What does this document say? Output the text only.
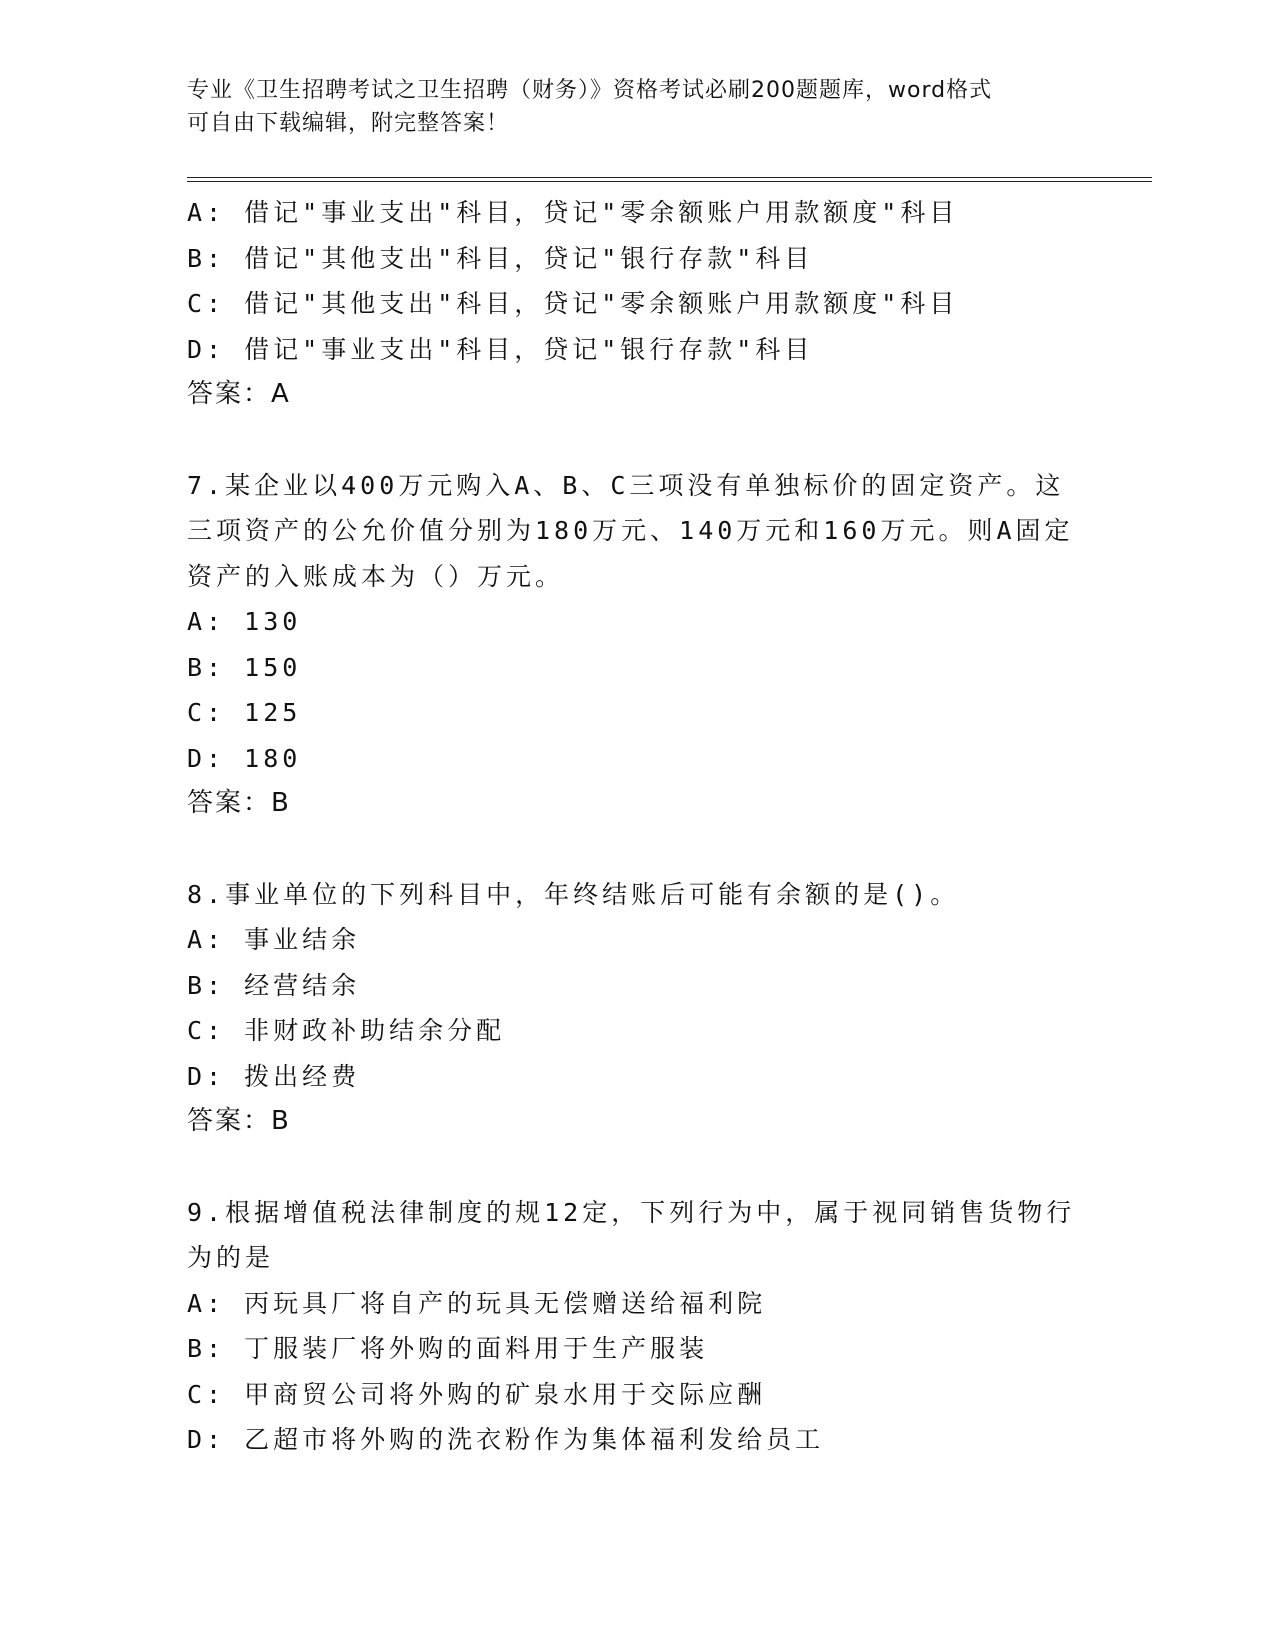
专业《卫生招聘考试之卫生招聘（财务）》资格考试必刷200题题库，word格式
可自由下载编辑，附完整答案！
A: 借记"事业支出"科目，贷记"零余额账户用款额度"科目
B: 借记"其他支出"科目，贷记"银行存款"科目
C: 借记"其他支出"科目，贷记"零余额账户用款额度"科目
D: 借记"事业支出"科目，贷记"银行存款"科目
答案：A
7.某企业以400万元购入A、B、C三项没有单独标价的固定资产。这
三项资产的公允价值分别为180万元、140万元和160万元。则A固定
资产的入账成本为（）万元。
A: 130
B: 150
C: 125
D: 180
答案：B
8.事业单位的下列科目中，年终结账后可能有余额的是()。
A: 事业结余
B: 经营结余
C: 非财政补助结余分配
D: 拨出经费
答案：B
9.根据增值税法律制度的规12定，下列行为中，属于视同销售货物行
为的是
A: 丙玩具厂将自产的玩具无偿赠送给福利院
B: 丁服装厂将外购的面料用于生产服装
C: 甲商贸公司将外购的矿泉水用于交际应酬
D: 乙超市将外购的洗衣粉作为集体福利发给员工
